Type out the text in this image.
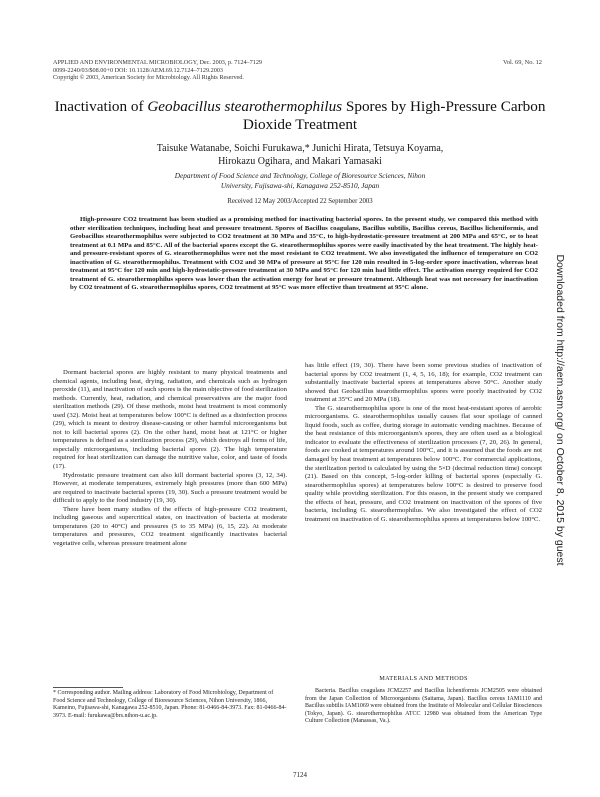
APPLIED AND ENVIRONMENTAL MICROBIOLOGY, Dec. 2003, p. 7124–7129
0099-2240/03/$08.00+0 DOI: 10.1128/AEM.69.12.7124–7129.2003
Copyright © 2003, American Society for Microbiology. All Rights Reserved.
Vol. 69, No. 12
Inactivation of Geobacillus stearothermophilus Spores by High-Pressure Carbon Dioxide Treatment
Taisuke Watanabe, Soichi Furukawa,* Junichi Hirata, Tetsuya Koyama,
Hirokazu Ogihara, and Makari Yamasaki
Department of Food Science and Technology, College of Bioresource Sciences, Nihon
University, Fujisawa-shi, Kanagawa 252-8510, Japan
Received 12 May 2003/Accepted 22 September 2003
High-pressure CO2 treatment has been studied as a promising method for inactivating bacterial spores. In the present study, we compared this method with other sterilization techniques, including heat and pressure treatment. Spores of Bacillus coagulans, Bacillus subtilis, Bacillus cereus, Bacillus licheniformis, and Geobacillus stearothermophilus were subjected to CO2 treatment at 30 MPa and 35°C, to high-hydrostatic-pressure treatment at 200 MPa and 65°C, or to heat treatment at 0.1 MPa and 85°C. All of the bacterial spores except the G. stearothermophilus spores were easily inactivated by the heat treatment. The highly heat- and pressure-resistant spores of G. stearothermophilus were not the most resistant to CO2 treatment. We also investigated the influence of temperature on CO2 inactivation of G. stearothermophilus. Treatment with CO2 and 30 MPa of pressure at 95°C for 120 min resulted in 5-log-order spore inactivation, whereas heat treatment at 95°C for 120 min and high-hydrostatic-pressure treatment at 30 MPa and 95°C for 120 min had little effect. The activation energy required for CO2 treatment of G. stearothermophilus spores was lower than the activation energy for heat or pressure treatment. Although heat was not necessary for inactivation by CO2 treatment of G. stearothermophilus spores, CO2 treatment at 95°C was more effective than treatment at 95°C alone.

Dormant bacterial spores are highly resistant to many physical treatments and chemical agents, including heat, drying, radiation, and chemicals such as hydrogen peroxide (11), and inactivation of such spores is the main objective of food sterilization methods. Currently, heat, radiation, and chemical preservatives are the major food sterilization methods (29). Of these methods, moist heat treatment is most commonly used (32). Moist heat at temperatures below 100°C is defined as a disinfection process (29), which is meant to destroy disease-causing or other harmful microorganisms but not to kill bacterial spores (2). On the other hand, moist heat at 121°C or higher temperatures is defined as a sterilization process (29), which destroys all forms of life, especially microorganisms, including bacterial spores (2). The high temperature required for heat sterilization can damage the nutritive value, color, and taste of foods (17).

Hydrostatic pressure treatment can also kill dormant bacterial spores (3, 12, 34). However, at moderate temperatures, extremely high pressures (more than 600 MPa) are required to inactivate bacterial spores (19, 30). Such a pressure treatment would be difficult to apply to the food industry (19, 30).

There have been many studies of the effects of high-pressure CO2 treatment, including gaseous and supercritical states, on inactivation of bacteria at moderate temperatures (20 to 40°C) and pressures (5 to 35 MPa) (6, 15, 22). At moderate temperatures and pressures, CO2 treatment significantly inactivates bacterial vegetative cells, whereas pressure treatment alone

has little effect (19, 30). There have been some previous studies of inactivation of bacterial spores by CO2 treatment (1, 4, 5, 16, 18); for example, CO2 treatment can substantially inactivate bacterial spores at temperatures above 50°C. Another study showed that Geobacillus stearothermophilus spores were poorly inactivated by CO2 treatment at 35°C and 20 MPa (18).

The G. stearothermophilus spore is one of the most heat-resistant spores of aerobic microorganisms. G. stearothermophilus usually causes flat sour spoilage of canned liquid foods, such as coffee, during storage in automatic vending machines. Because of the heat resistance of this microorganism's spores, they are often used as a biological indicator to evaluate the effectiveness of sterilization processes (7, 20, 26). In general, foods are cooked at temperatures around 100°C, and it is assumed that the foods are not damaged by heat treatment at temperatures below 100°C. For commercial applications, the sterilization period is calculated by using the 5×D (decimal reduction time) concept (21). Based on this concept, 5-log-order killing of bacterial spores (especially G. stearothermophilus spores) at temperatures below 100°C is desired to preserve food quality while providing sterilization. For this reason, in the present study we compared the effects of heat, pressure, and CO2 treatment on inactivation of the spores of five bacteria, including G. stearothermophilus. We also investigated the effect of CO2 treatment on inactivation of G. stearothermophilus spores at temperatures below 100°C.

* Corresponding author. Mailing address: Laboratory of Food Microbiology, Department of Food Science and Technology, College of Bioresource Sciences, Nihon University, 1866, Kameino, Fujisawa-shi, Kanagawa 252-8510, Japan. Phone: 81-0466-84-3973. Fax: 81-0466-84-3973. E-mail: furukawa@brs.nihon-u.ac.jp.
MATERIALS AND METHODS
Bacteria. Bacillus coagulans JCM2257 and Bacillus licheniformis JCM2505 were obtained from the Japan Collection of Microorganisms (Saitama, Japan). Bacillus cereus IAM1110 and Bacillus subtilis IAM1069 were obtained from the Institute of Molecular and Cellular Biosciences (Tokyo, Japan). G. stearothermophilus ATCC 12980 was obtained from the American Type Culture Collection (Manassas, Va.).
7124
Downloaded from http://aem.asm.org/ on October 8, 2015 by guest
